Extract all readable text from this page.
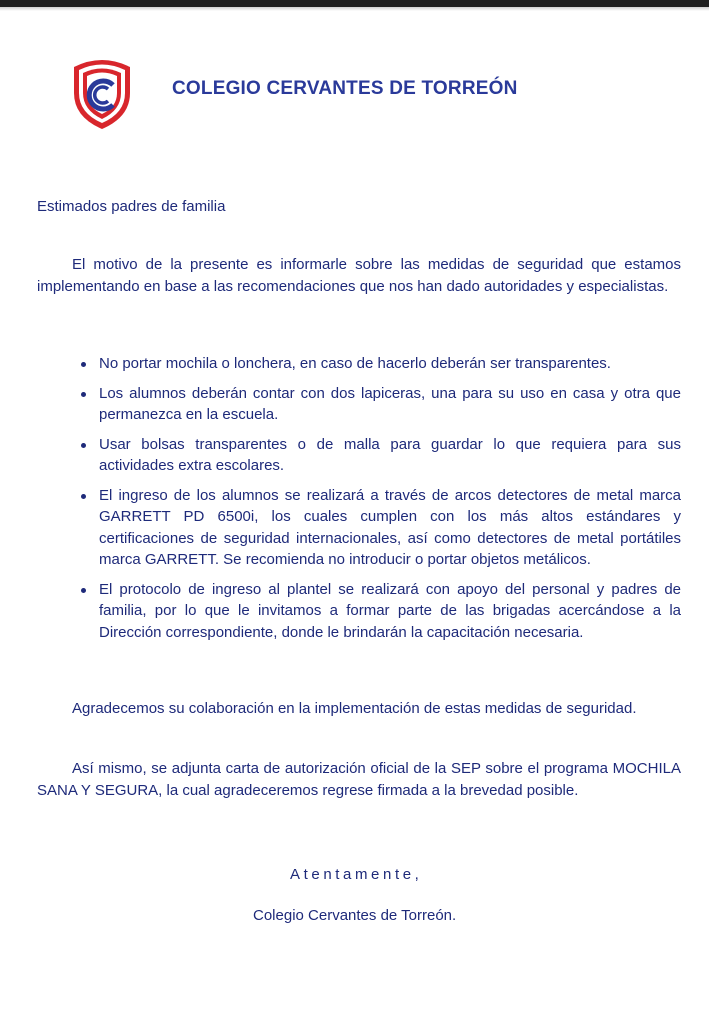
COLEGIO CERVANTES DE TORREÓN
Estimados padres de familia

El motivo de la presente es informarle sobre las medidas de seguridad que estamos implementando en base a las recomendaciones que nos han dado autoridades y especialistas.

No portar mochila o lonchera, en caso de hacerlo deberán ser transparentes.
Los alumnos deberán contar con dos lapiceras, una para su uso en casa y otra que permanezca en la escuela.
Usar bolsas transparentes o de malla para guardar lo que requiera para sus actividades extra escolares.
El ingreso de los alumnos se realizará a través de arcos detectores de metal marca GARRETT PD 6500i, los cuales cumplen con los más altos estándares y certificaciones de seguridad internacionales, así como detectores de metal portátiles marca GARRETT. Se recomienda no introducir o portar objetos metálicos.
El protocolo de ingreso al plantel se realizará con apoyo del personal y padres de familia, por lo que le invitamos a formar parte de las brigadas acercándose a la Dirección correspondiente, donde le brindarán la capacitación necesaria.
Agradecemos su colaboración en la implementación de estas medidas de seguridad.

Así mismo, se adjunta carta de autorización oficial de la SEP sobre el programa MOCHILA SANA Y SEGURA, la cual agradeceremos regrese firmada a la brevedad posible.

Atentamente,
Colegio Cervantes de Torreón.
